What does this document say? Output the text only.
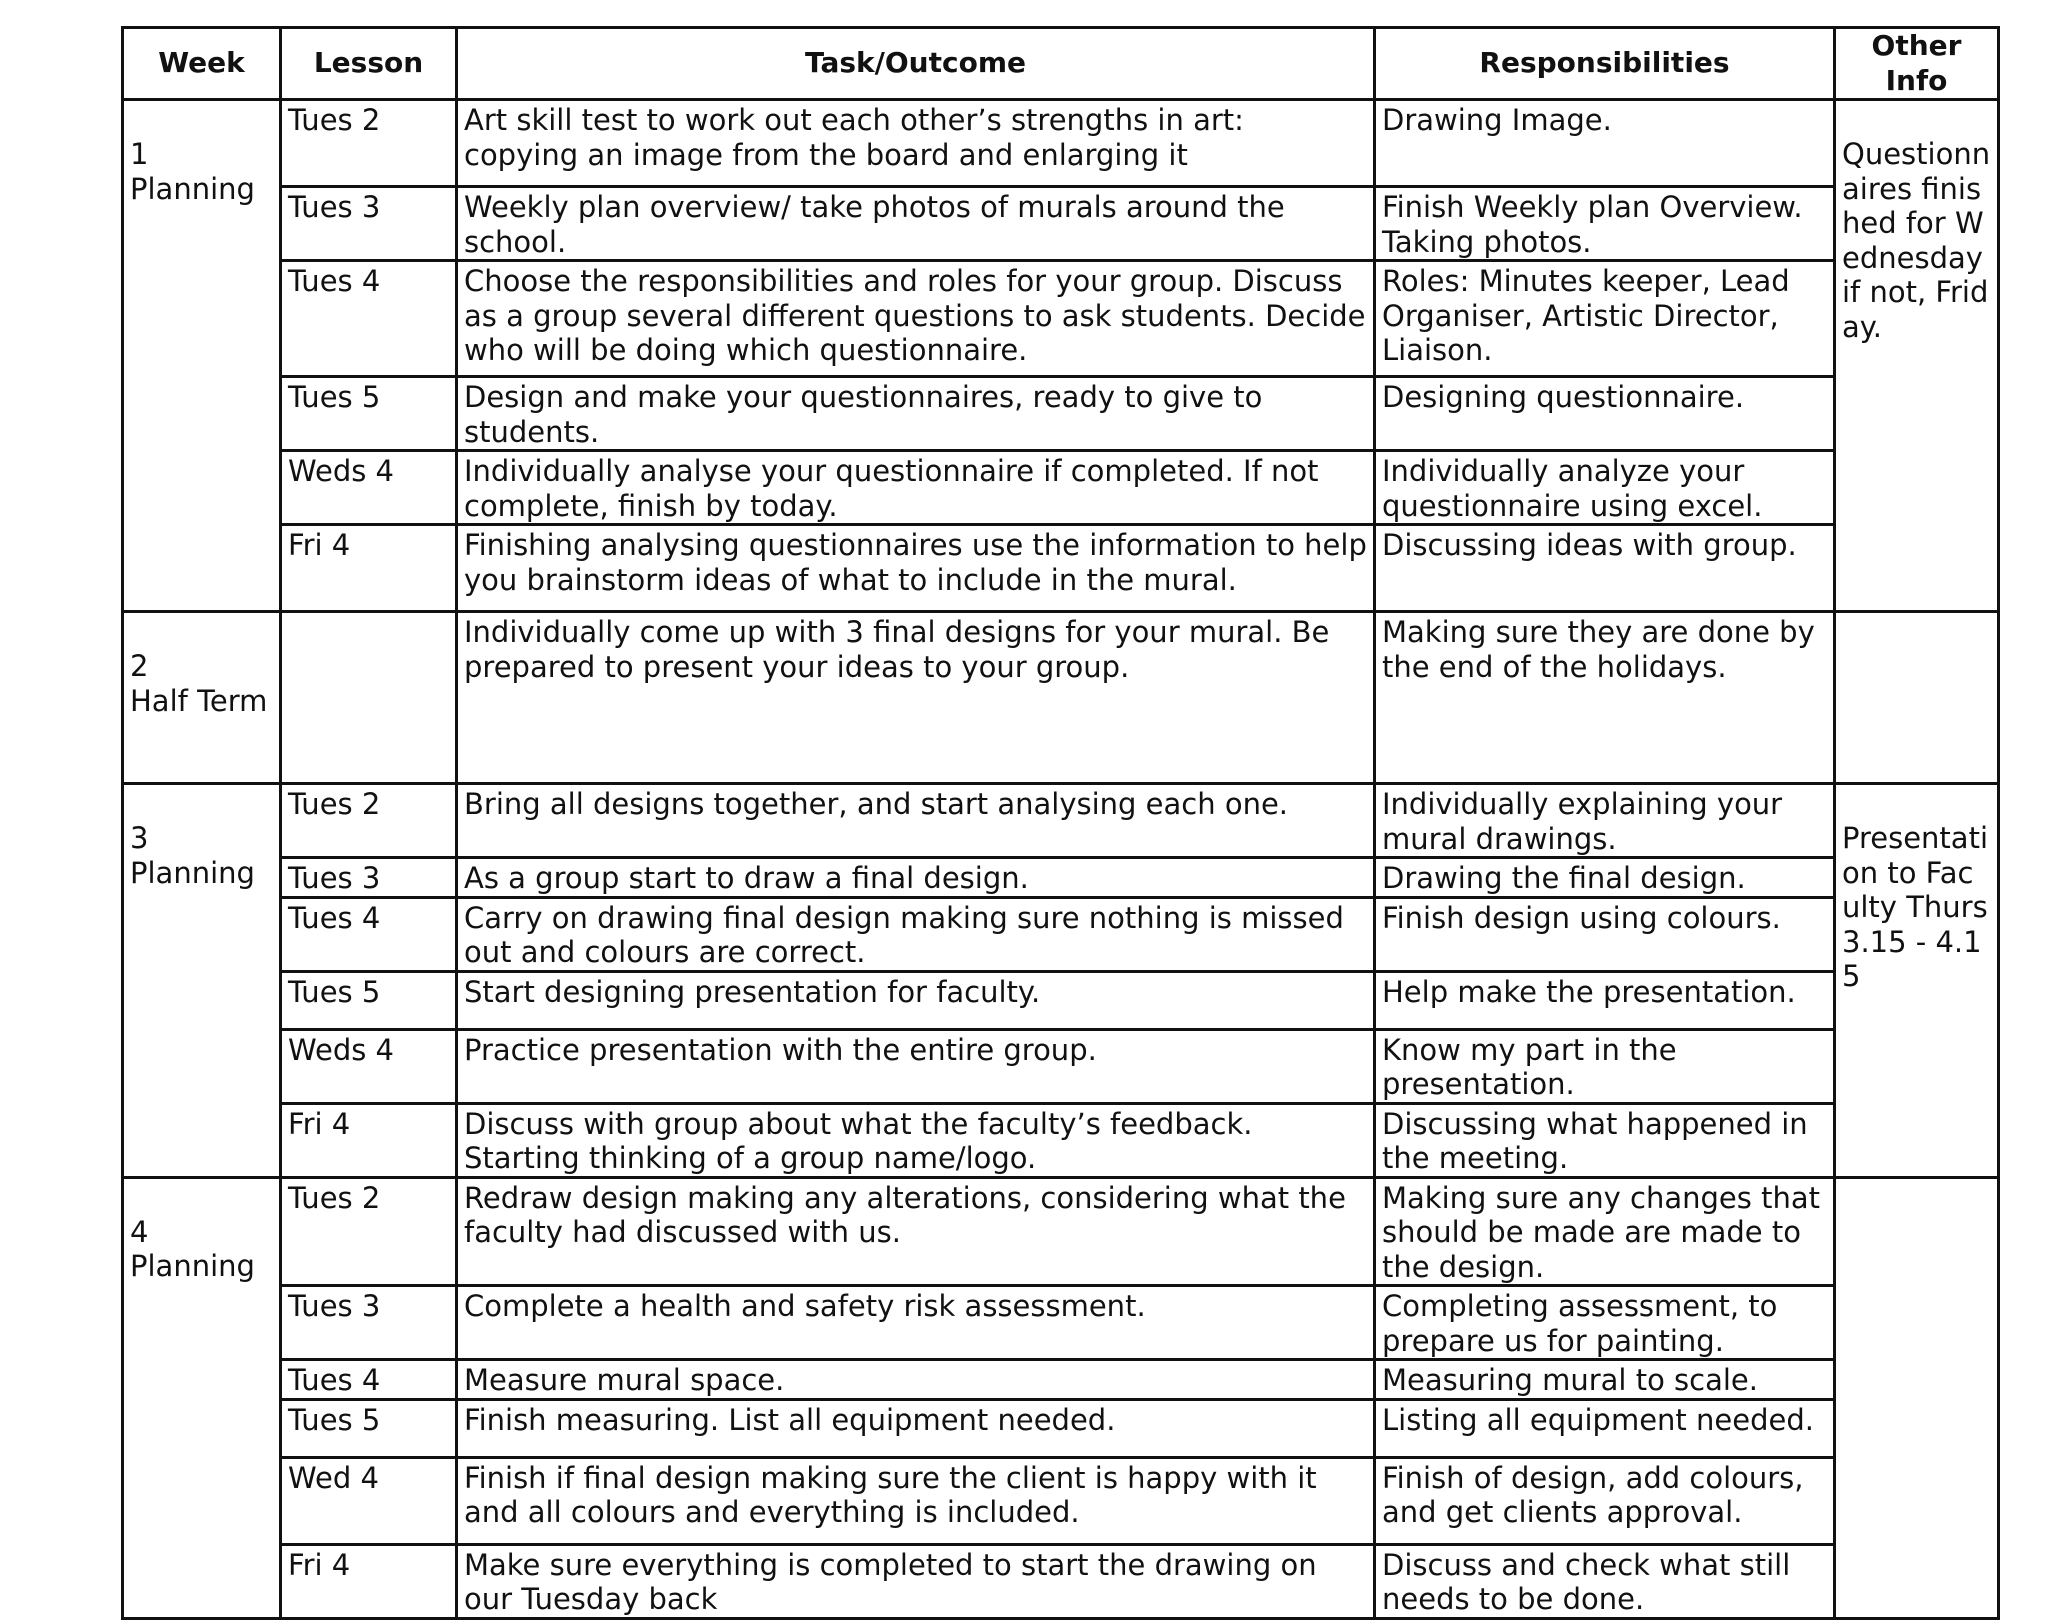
Week	Lesson	Task/Outcome	Responsibilities	Other Info

1
Planning	Tues 2	Art skill test to work out each other’s strengths in art: copying an image from the board and enlarging it	Drawing Image.	Questionnaires finished for Wednesday if not, Friday.
	Tues 3	Weekly plan overview/ take photos of murals around the school.	Finish Weekly plan Overview. Taking photos.	
	Tues 4	Choose the responsibilities and roles for your group. Discuss as a group several different questions to ask students. Decide who will be doing which questionnaire.	Roles: Minutes keeper, Lead Organiser, Artistic Director, Liaison.	
	Tues 5	Design and make your questionnaires, ready to give to students.	Designing questionnaire.	
	Weds 4	Individually analyse your questionnaire if completed. If not complete, finish by today.	Individually analyze your questionnaire using excel.	
	Fri 4	Finishing analysing questionnaires use the information to help you brainstorm ideas of what to include in the mural.	Discussing ideas with group.	

2
Half Term		Individually come up with 3 final designs for your mural. Be prepared to present your ideas to your group.	Making sure they are done by the end of the holidays.	

3
Planning	Tues 2	Bring all designs together, and start analysing each one.	Individually explaining your mural drawings.	Presentation to Faculty Thurs 3.15 - 4.15
	Tues 3	As a group start to draw a final design.	Drawing the final design.	
	Tues 4	Carry on drawing final design making sure nothing is missed out and colours are correct.	Finish design using colours.	
	Tues 5	Start designing presentation for faculty.	Help make the presentation.	
	Weds 4	Practice presentation with the entire group.	Know my part in the presentation.	
	Fri 4	Discuss with group about what the faculty’s feedback. Starting thinking of a group name/logo.	Discussing what happened in the meeting.	

4
Planning	Tues 2	Redraw design making any alterations, considering what the faculty had discussed with us.	Making sure any changes that should be made are made to the design.	
	Tues 3	Complete a health and safety risk assessment.	Completing assessment, to prepare us for painting.	
	Tues 4	Measure mural space.	Measuring mural to scale.	
	Tues 5	Finish measuring. List all equipment needed.	Listing all equipment needed.	
	Wed 4	Finish if final design making sure the client is happy with it and all colours and everything is included.	Finish of design, add colours, and get clients approval.	
	Fri 4	Make sure everything is completed to start the drawing on our Tuesday back	Discuss and check what still needs to be done.	
